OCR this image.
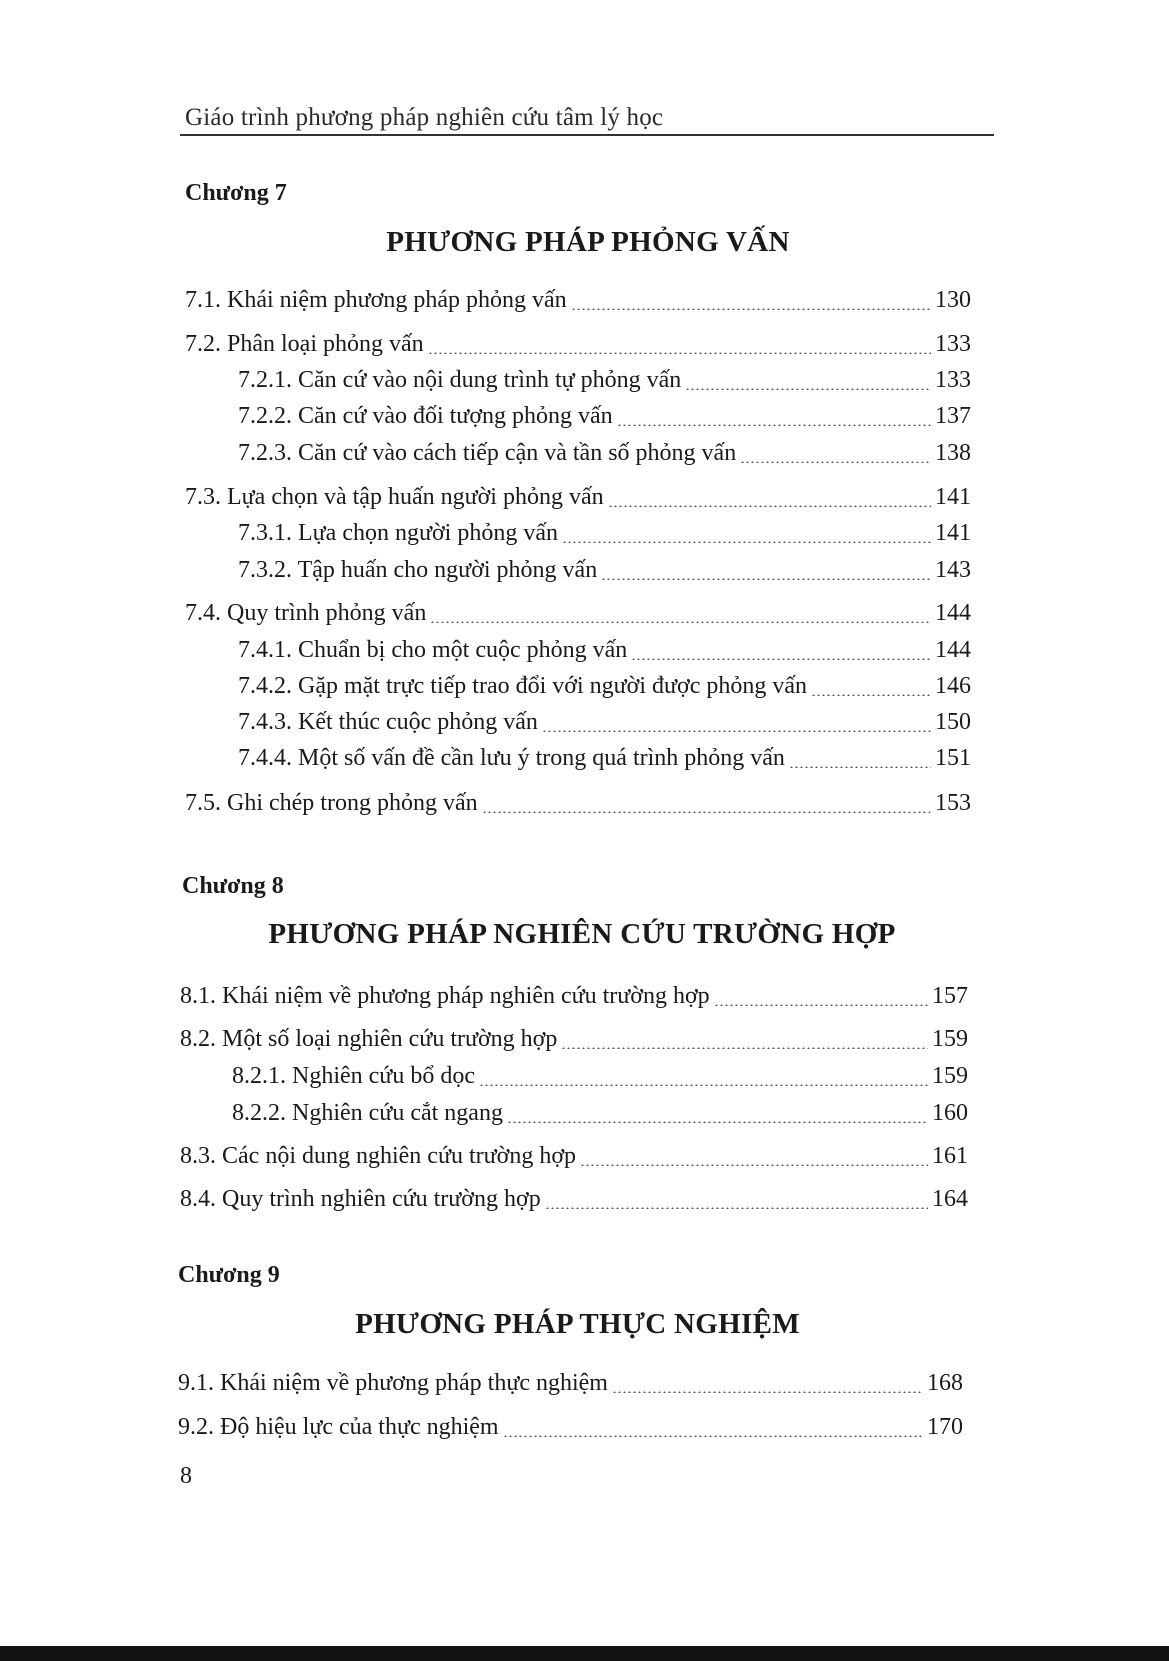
Giáo trình phương pháp nghiên cứu tâm lý học
Chương 7
PHƯƠNG PHÁP PHỎNG VẤN
7.1. Khái niệm phương pháp phỏng vấn	130
7.2. Phân loại phỏng vấn	133
7.2.1. Căn cứ vào nội dung trình tự phỏng vấn	133
7.2.2. Căn cứ vào đối tượng phỏng vấn	137
7.2.3. Căn cứ vào cách tiếp cận và tần số phỏng vấn	138
7.3. Lựa chọn và tập huấn người phỏng vấn	141
7.3.1. Lựa chọn người phỏng vấn	141
7.3.2. Tập huấn cho người phỏng vấn	143
7.4. Quy trình phỏng vấn	144
7.4.1. Chuẩn bị cho một cuộc phỏng vấn	144
7.4.2. Gặp mặt trực tiếp trao đổi với người được phỏng vấn	146
7.4.3. Kết thúc cuộc phỏng vấn	150
7.4.4. Một số vấn đề cần lưu ý trong quá trình phỏng vấn	151
7.5. Ghi chép trong phỏng vấn	153
Chương 8
PHƯƠNG PHÁP NGHIÊN CỨU TRƯỜNG HỢP
8.1. Khái niệm về phương pháp nghiên cứu trường hợp	157
8.2. Một số loại nghiên cứu trường hợp	159
8.2.1. Nghiên cứu bổ dọc	159
8.2.2. Nghiên cứu cắt ngang	160
8.3. Các nội dung nghiên cứu trường hợp	161
8.4. Quy trình nghiên cứu trường hợp	164
Chương 9
PHƯƠNG PHÁP THỰC NGHIỆM
9.1. Khái niệm về phương pháp thực nghiệm	168
9.2. Độ hiệu lực của thực nghiệm	170
8
